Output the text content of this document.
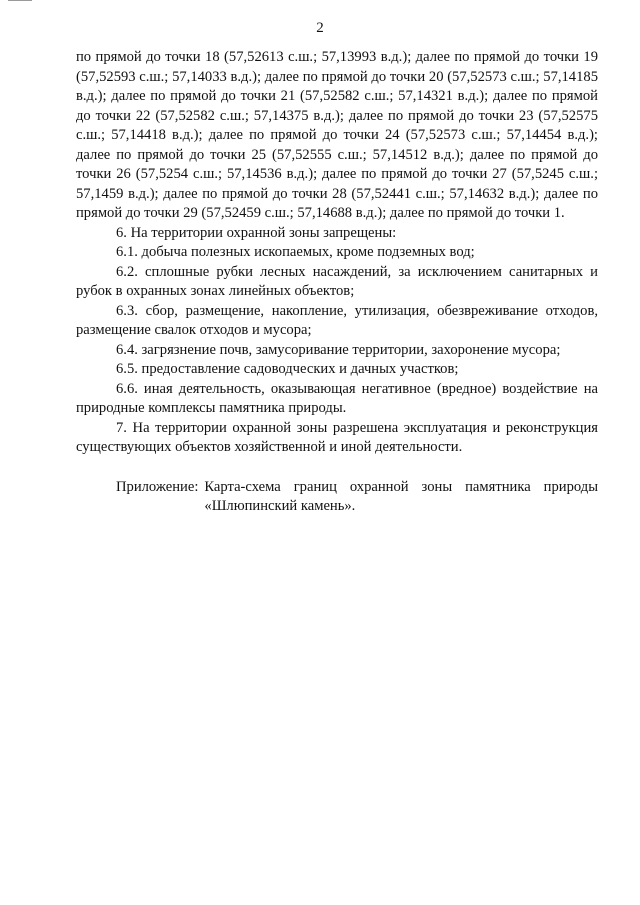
2

по прямой до точки 18 (57,52613 с.ш.; 57,13993 в.д.); далее по прямой до точки 19 (57,52593 с.ш.; 57,14033 в.д.); далее по прямой до точки 20 (57,52573 с.ш.; 57,14185 в.д.); далее по прямой до точки 21 (57,52582 с.ш.; 57,14321 в.д.); далее по прямой до точки 22 (57,52582 с.ш.; 57,14375 в.д.); далее по прямой до точки 23 (57,52575 с.ш.; 57,14418 в.д.); далее по прямой до точки 24 (57,52573 с.ш.; 57,14454 в.д.); далее по прямой до точки 25 (57,52555 с.ш.; 57,14512 в.д.); далее по прямой до точки 26 (57,5254 с.ш.; 57,14536 в.д.); далее по прямой до точки 27 (57,5245 с.ш.; 57,1459 в.д.); далее по прямой до точки 28 (57,52441 с.ш.; 57,14632 в.д.); далее по прямой до точки 29 (57,52459 с.ш.; 57,14688 в.д.); далее по прямой до точки 1.

6. На территории охранной зоны запрещены:

6.1. добыча полезных ископаемых, кроме подземных вод;

6.2. сплошные рубки лесных насаждений, за исключением санитарных и рубок в охранных зонах линейных объектов;

6.3. сбор, размещение, накопление, утилизация, обезвреживание отходов, размещение свалок отходов и мусора;

6.4. загрязнение почв, замусоривание территории, захоронение мусора;

6.5. предоставление садоводческих и дачных участков;

6.6. иная деятельность, оказывающая негативное (вредное) воздействие на природные комплексы памятника природы.

7. На территории охранной зоны разрешена эксплуатация и реконструкция существующих объектов хозяйственной и иной деятельности.

Приложение: Карта-схема границ охранной зоны памятника природы «Шлюпинский камень».
